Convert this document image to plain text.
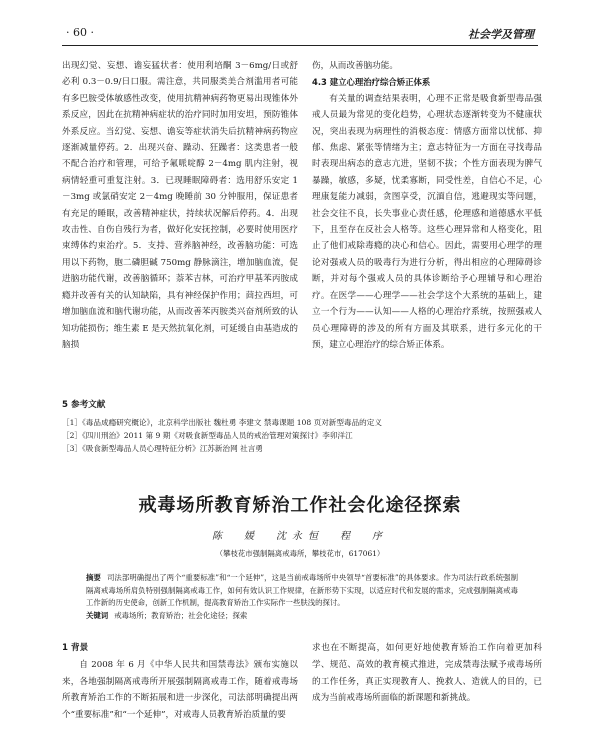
· 60 ·	社会学及管理

出现幻觉、妄想、谵妄猛状者：使用利培酮 3－6mg/日或舒必利 0.3－0.9/日口服。需注意，共同服类美合剂滥用者可能有多巴胺受体敏感性改变，使用抗精神病药物更易出现锥体外系反应，因此在抗精神病症状的治疗同时加用安坦，预防锥体外系反应。当幻觉、妄想、谵妄等症状消失后抗精神病药物应逐渐减量停药。2．出现兴奋、躁动、狂躁者：这类患者一般不配合治疗和管理，可给予氟哌啶醇 2－4mg 肌内注射，视病情轻重可重复注射。3．已现睡眠障碍者：选用舒乐安定 1－3mg 或氯硝安定 2－4mg 晚睡前 30 分钟服用，保证患者有充足的睡眠，改善精神症状，持续状况解后停药。4．出现攻击性、自伤自残行为者，做好化安抚控制，必要时使用医疗束缚体约束治疗。5．支持、营养脑神经，改善脑功能：可选用以下药物，胞二磷胆碱 750mg 静脉滴注，增加脑血流，促进脑功能代谢，改善脑循环；萘苯吉林，可治疗甲基苯丙胺成瘾并改善有关的认知缺陷，具有神经保护作用；茴拉西坦，可增加脑血流和脑代谢功能，从而改善苯丙胺类兴奋剂所致的认知功能损伤；维生素 E 是天然抗氧化剂，可延缓自由基造成的脑损

伤，从而改善脑功能。

4.3 建立心理治疗综合矫正体系

有关量的调查结果表明，心理不正常是吸食新型毒品强戒人员最为常见的变化趋势，心理状态逐渐转变为不健康状况，突出表现为病理性的消极态度：情感方面常以忧郁、抑郁、焦虑、紧张等情绪为主；意志特征为一方面在寻找毒品时表现出病态的意志亢进，坚韧不拔；个性方面表现为脾气暴躁，敏感，多疑，忧柔寡断，同受性差，自信心不足，心理康复能力减弱，贪图享受，沉湎自信，逃避现实等问题，社会交往不良，长失事业心责任感，伦理感和道德感水平低下，且至存在反社会人格等。这些心理异常和人格变化，阻止了他们戒除毒瘾的决心和信心。因此，需要用心理学的理论对强戒人员的吸毒行为进行分析，得出相应的心理障碍诊断，并对每个强戒人员的具体诊断给予心理辅导和心理治疗。在医学——心理学——社会学这个大系统的基础上，建立一个行为——认知——人格的心理治疗系统，按照强戒人员心理障碍的涉及的所有方面及其联系，进行多元化的干预，建立心理治疗的综合矫正体系。

5 参考文献
［1］《毒品成瘾研究概论》，北京科学出版社 魏杜勇 李建文 禁毒课题 108 页对新型毒品的定义
［2］《四川刑治》2011 第 9 期《对吸食新型毒品人员的戒治管理对策探讨》李卯洋江
［3］《吸食新型毒品人员心理特征分析》江苏新治网 社言勇
戒毒场所教育矫治工作社会化途径探索
陈　媛　沈永恒　程　序
（攀枝花市强制隔离戒毒所，攀枝花市，617061）
摘要 司法部明确提出了两个“重要标准”和“一个延伸”，这是当前戒毒场所中央领导“首要标准”的具体要求。作为司法行政系统强制隔离戒毒场所肩负特别强制隔离戒毒工作，如何有效认识工作规律，在新形势下实现，以适应时代和发展的需求，完成强制隔离戒毒工作新的历史使命，创新工作机制，提高教育矫治工作实际作一些肤浅的探讨。
关键词 戒毒场所；教育矫治；社会化途径；探索

1 背景

自 2008 年 6 月《中华人民共和国禁毒法》颁布实施以来，各地强制隔离戒毒所开展强制隔离戒毒工作，随着戒毒场所教育矫治工作的不断拓展和进一步深化，司法部明确提出两个“重要标准”和“一个延伸”，对戒毒人员教育矫治质量的要

求也在不断提高，如何更好地使教育矫治工作向着更加科学、规范、高效的教育模式推进，完成禁毒法赋予戒毒场所的工作任务，真正实现教育人、挽救人、造就人的目的，已成为当前戒毒场所面临的新课题和新挑战。
